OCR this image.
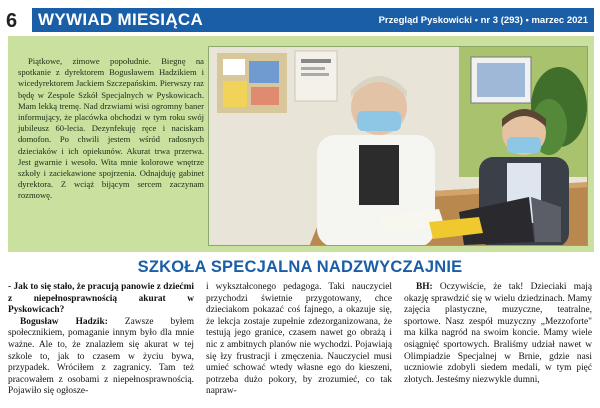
6	WYWIAD MIESIĄCA	Przegląd Pyskowicki • nr 3 (293) • marzec 2021

Piątkowe, zimowe popołudnie. Biegnę na spotkanie z dyrektorem Bogusławem Hadzikiem i wicedyrektorem Jackiem Szczepańskim. Pierwszy raz będę w Zespole Szkół Specjalnych w Pyskowicach. Mam lekką tremę. Nad drzwiami wisi ogromny baner informujący, że placówka obchodzi w tym roku swój jubileusz 60-lecia. Dezynfekuję ręce i naciskam domofon. Po chwili jestem wśród radosnych dzieciaków i ich opiekunów. Akurat trwa przerwa. Jest gwarnie i wesoło. Wita mnie kolorowe wnętrze szkoły i zaciekawione spojrzenia. Odnajduję gabinet dyrektora. Z wciąż bijącym sercem zaczynam rozmowę.

SZKOŁA SPECJALNA NADZWYCZAJNIE

- Jak to się stało, że pracują panowie z dziećmi z niepełnosprawnością akurat w Pyskowicach?

Bogusław Hadzik: Zawsze byłem społecznikiem, pomaganie innym było dla mnie ważne. Ale to, że znalazłem się akurat w tej szkole to, jak to czasem w życiu bywa, przypadek. Wróciłem z zagranicy. Tam też pracowałem z osobami z niepełnosprawnością. Pojawiło się ogłosze-

i wykształconego pedagoga. Taki nauczyciel przychodzi świetnie przygotowany, chce dzieciakom pokazać coś fajnego, a okazuje się, że lekcja zostaje zupełnie zdezorganizowana, że testują jego granice, czasem nawet go obrażą i nic z ambitnych planów nie wychodzi. Pojawiają się łzy frustracji i zmęczenia. Nauczyciel musi umieć schować wtedy własne ego do kieszeni, potrzeba dużo pokory, by zrozumieć, co tak napraw-

BH: Oczywiście, że tak! Dzieciaki mają okazję sprawdzić się w wielu dziedzinach. Mamy zajęcia plastyczne, muzyczne, teatralne, sportowe. Nasz zespół muzyczny „Mezzoforte" ma kilka nagród na swoim koncie. Mamy wiele osiągnięć sportowych. Braliśmy udział nawet w Olimpiadzie Specjalnej w Brnie, gdzie nasi uczniowie zdobyli siedem medali, w tym pięć złotych. Jesteśmy niezwykle dumni,
